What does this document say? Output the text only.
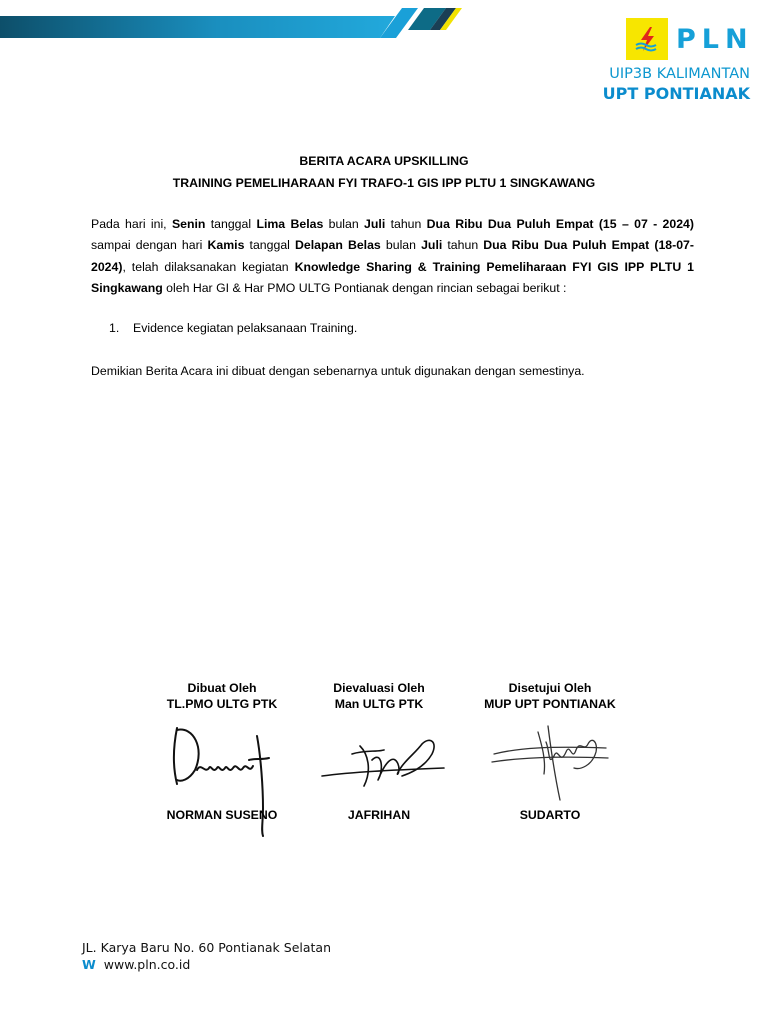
PLN
UIP3B KALIMANTAN
UPT PONTIANAK
BERITA ACARA UPSKILLING
TRAINING PEMELIHARAAN FYI TRAFO-1 GIS IPP PLTU 1 SINGKAWANG
Pada hari ini, Senin tanggal Lima Belas bulan Juli tahun Dua Ribu Dua Puluh Empat (15 – 07 - 2024) sampai dengan hari Kamis tanggal Delapan Belas bulan Juli tahun Dua Ribu Dua Puluh Empat (18-07-2024), telah dilaksanakan kegiatan Knowledge Sharing & Training Pemeliharaan FYI GIS IPP PLTU 1 Singkawang oleh Har GI & Har PMO ULTG Pontianak dengan rincian sebagai berikut :
1. Evidence kegiatan pelaksanaan Training.
Demikian Berita Acara ini dibuat dengan sebenarnya untuk digunakan dengan semestinya.
Dibuat Oleh
TL.PMO ULTG PTK
Dievaluasi Oleh
Man ULTG PTK
Disetujui Oleh
MUP UPT PONTIANAK
NORMAN SUSENO	JAFRIHAN	SUDARTO
JL. Karya Baru No. 60 Pontianak Selatan
W www.pln.co.id
